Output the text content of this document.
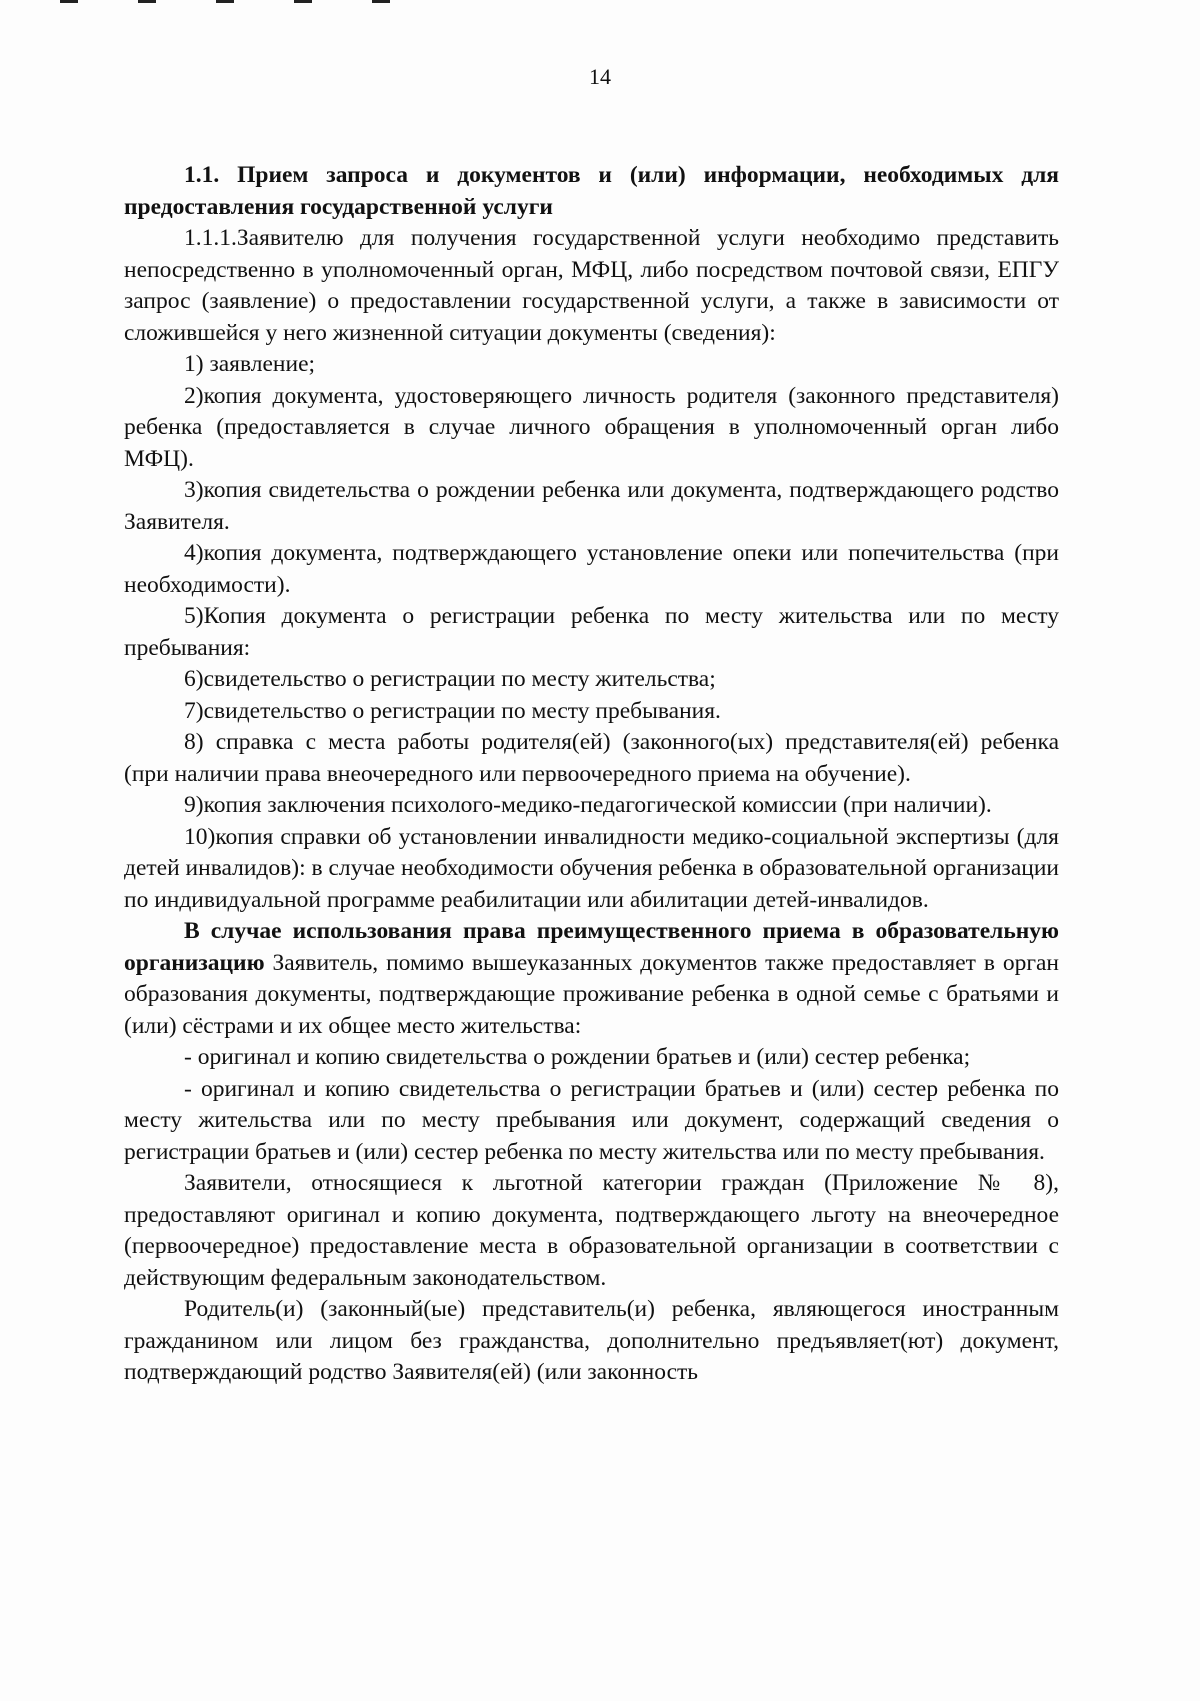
14

1.1. Прием запроса и документов и (или) информации, необходимых для предоставления государственной услуги

1.1.1.Заявителю для получения государственной услуги необходимо представить непосредственно в уполномоченный орган, МФЦ, либо посредством почтовой связи, ЕПГУ запрос (заявление) о предоставлении государственной услуги, а также в зависимости от сложившейся у него жизненной ситуации документы (сведения):

1) заявление;

2)копия документа, удостоверяющего личность родителя (законного представителя) ребенка (предоставляется в случае личного обращения в уполномоченный орган либо МФЦ).

3)копия свидетельства о рождении ребенка или документа, подтверждающего родство Заявителя.

4)копия документа, подтверждающего установление опеки или попечительства (при необходимости).

5)Копия документа о регистрации ребенка по месту жительства или по месту пребывания:

6)свидетельство о регистрации по месту жительства;

7)свидетельство о регистрации по месту пребывания.

8) справка с места работы родителя(ей) (законного(ых) представителя(ей) ребенка (при наличии права внеочередного или первоочередного приема на обучение).

9)копия заключения психолого-медико-педагогической комиссии (при наличии).

10)копия справки об установлении инвалидности медико-социальной экспертизы (для детей инвалидов): в случае необходимости обучения ребенка в образовательной организации по индивидуальной программе реабилитации или абилитации детей-инвалидов.

В случае использования права преимущественного приема в образовательную организацию Заявитель, помимо вышеуказанных документов также предоставляет в орган образования документы, подтверждающие проживание ребенка в одной семье с братьями и (или) сёстрами и их общее место жительства:

- оригинал и копию свидетельства о рождении братьев и (или) сестер ребенка;

- оригинал и копию свидетельства о регистрации братьев и (или) сестер ребенка по месту жительства или по месту пребывания или документ, содержащий сведения о регистрации братьев и (или) сестер ребенка по месту жительства или по месту пребывания.

Заявители, относящиеся к льготной категории граждан (Приложение № 8), предоставляют оригинал и копию документа, подтверждающего льготу на внеочередное (первоочередное) предоставление места в образовательной организации в соответствии с действующим федеральным законодательством.

Родитель(и) (законный(ые) представитель(и) ребенка, являющегося иностранным гражданином или лицом без гражданства, дополнительно предъявляет(ют) документ, подтверждающий родство Заявителя(ей) (или законность
